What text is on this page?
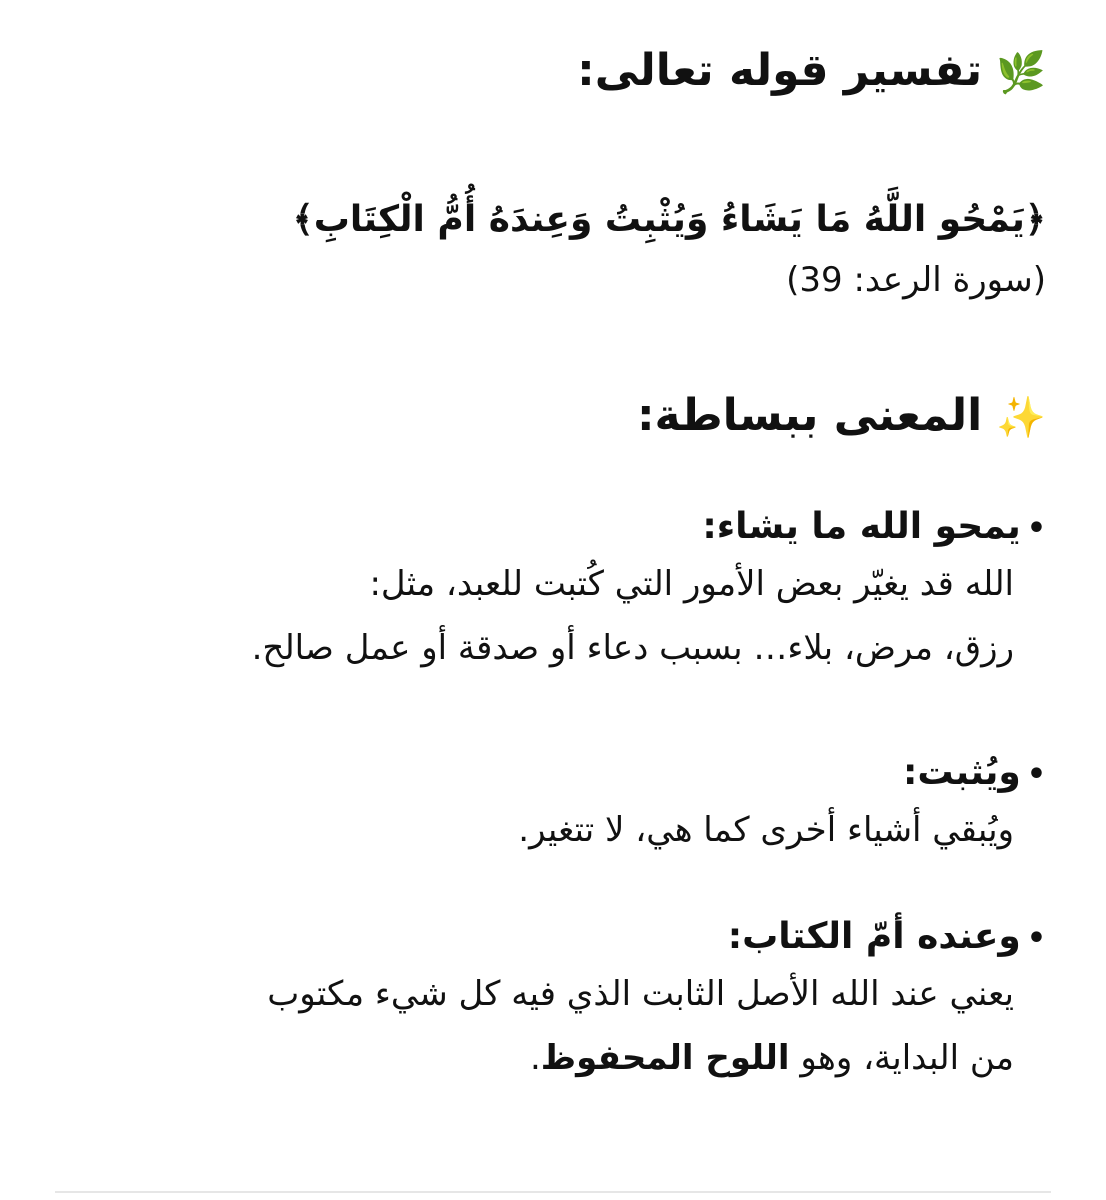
🌿تفسير قوله تعالى:

﴿يَمْحُو اللَّهُ مَا يَشَاءُ وَيُثْبِتُ وَعِندَهُ أُمُّ الْكِتَابِ﴾

(سورة الرعد: 39)

✨المعنى ببساطة:

•يمحو الله ما يشاء:

الله قد يغيّر بعض الأمور التي كُتبت للعبد، مثل:
رزق، مرض، بلاء… بسبب دعاء أو صدقة أو عمل صالح.

•ويُثبت:

ويُبقي أشياء أخرى كما هي، لا تتغير.

•وعنده أمّ الكتاب:

يعني عند الله الأصل الثابت الذي فيه كل شيء مكتوب
من البداية، وهو اللوح المحفوظ.
